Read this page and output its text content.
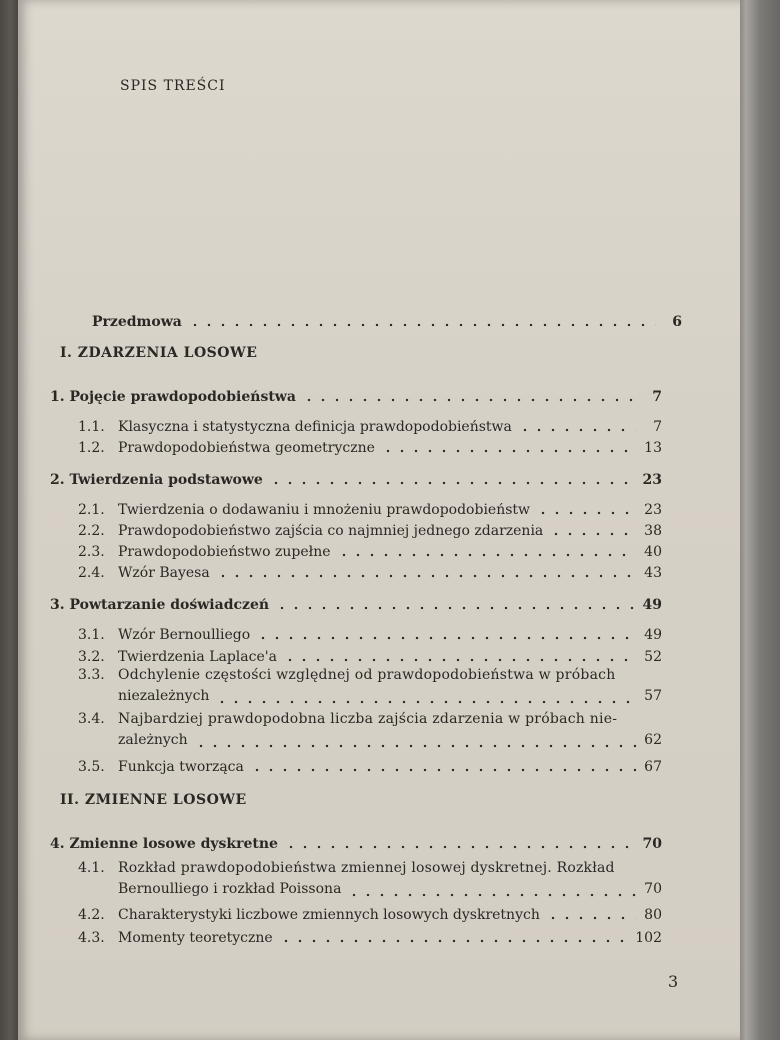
SPIS TREŚCI
Przedmowa	6
I. ZDARZENIA LOSOWE
1. Pojęcie prawdopodobieństwa	7
1.1. Klasyczna i statystyczna definicja prawdopodobieństwa	7
1.2. Prawdopodobieństwa geometryczne	13
2. Twierdzenia podstawowe	23
2.1. Twierdzenia o dodawaniu i mnożeniu prawdopodobieństw	23
2.2. Prawdopodobieństwo zajścia co najmniej jednego zdarzenia	38
2.3. Prawdopodobieństwo zupełne	40
2.4. Wzór Bayesa	43
3. Powtarzanie doświadczeń	49
3.1. Wzór Bernoulliego	49
3.2. Twierdzenia Laplace'a	52
3.3. Odchylenie częstości względnej od prawdopodobieństwa w próbach
niezależnych	57
3.4. Najbardziej prawdopodobna liczba zajścia zdarzenia w próbach nie-
zależnych	62
3.5. Funkcja tworząca	67
II. ZMIENNE LOSOWE
4. Zmienne losowe dyskretne	70
4.1. Rozkład prawdopodobieństwa zmiennej losowej dyskretnej. Rozkład
Bernoulliego i rozkład Poissona	70
4.2. Charakterystyki liczbowe zmiennych losowych dyskretnych	80
4.3. Momenty teoretyczne	102
3
